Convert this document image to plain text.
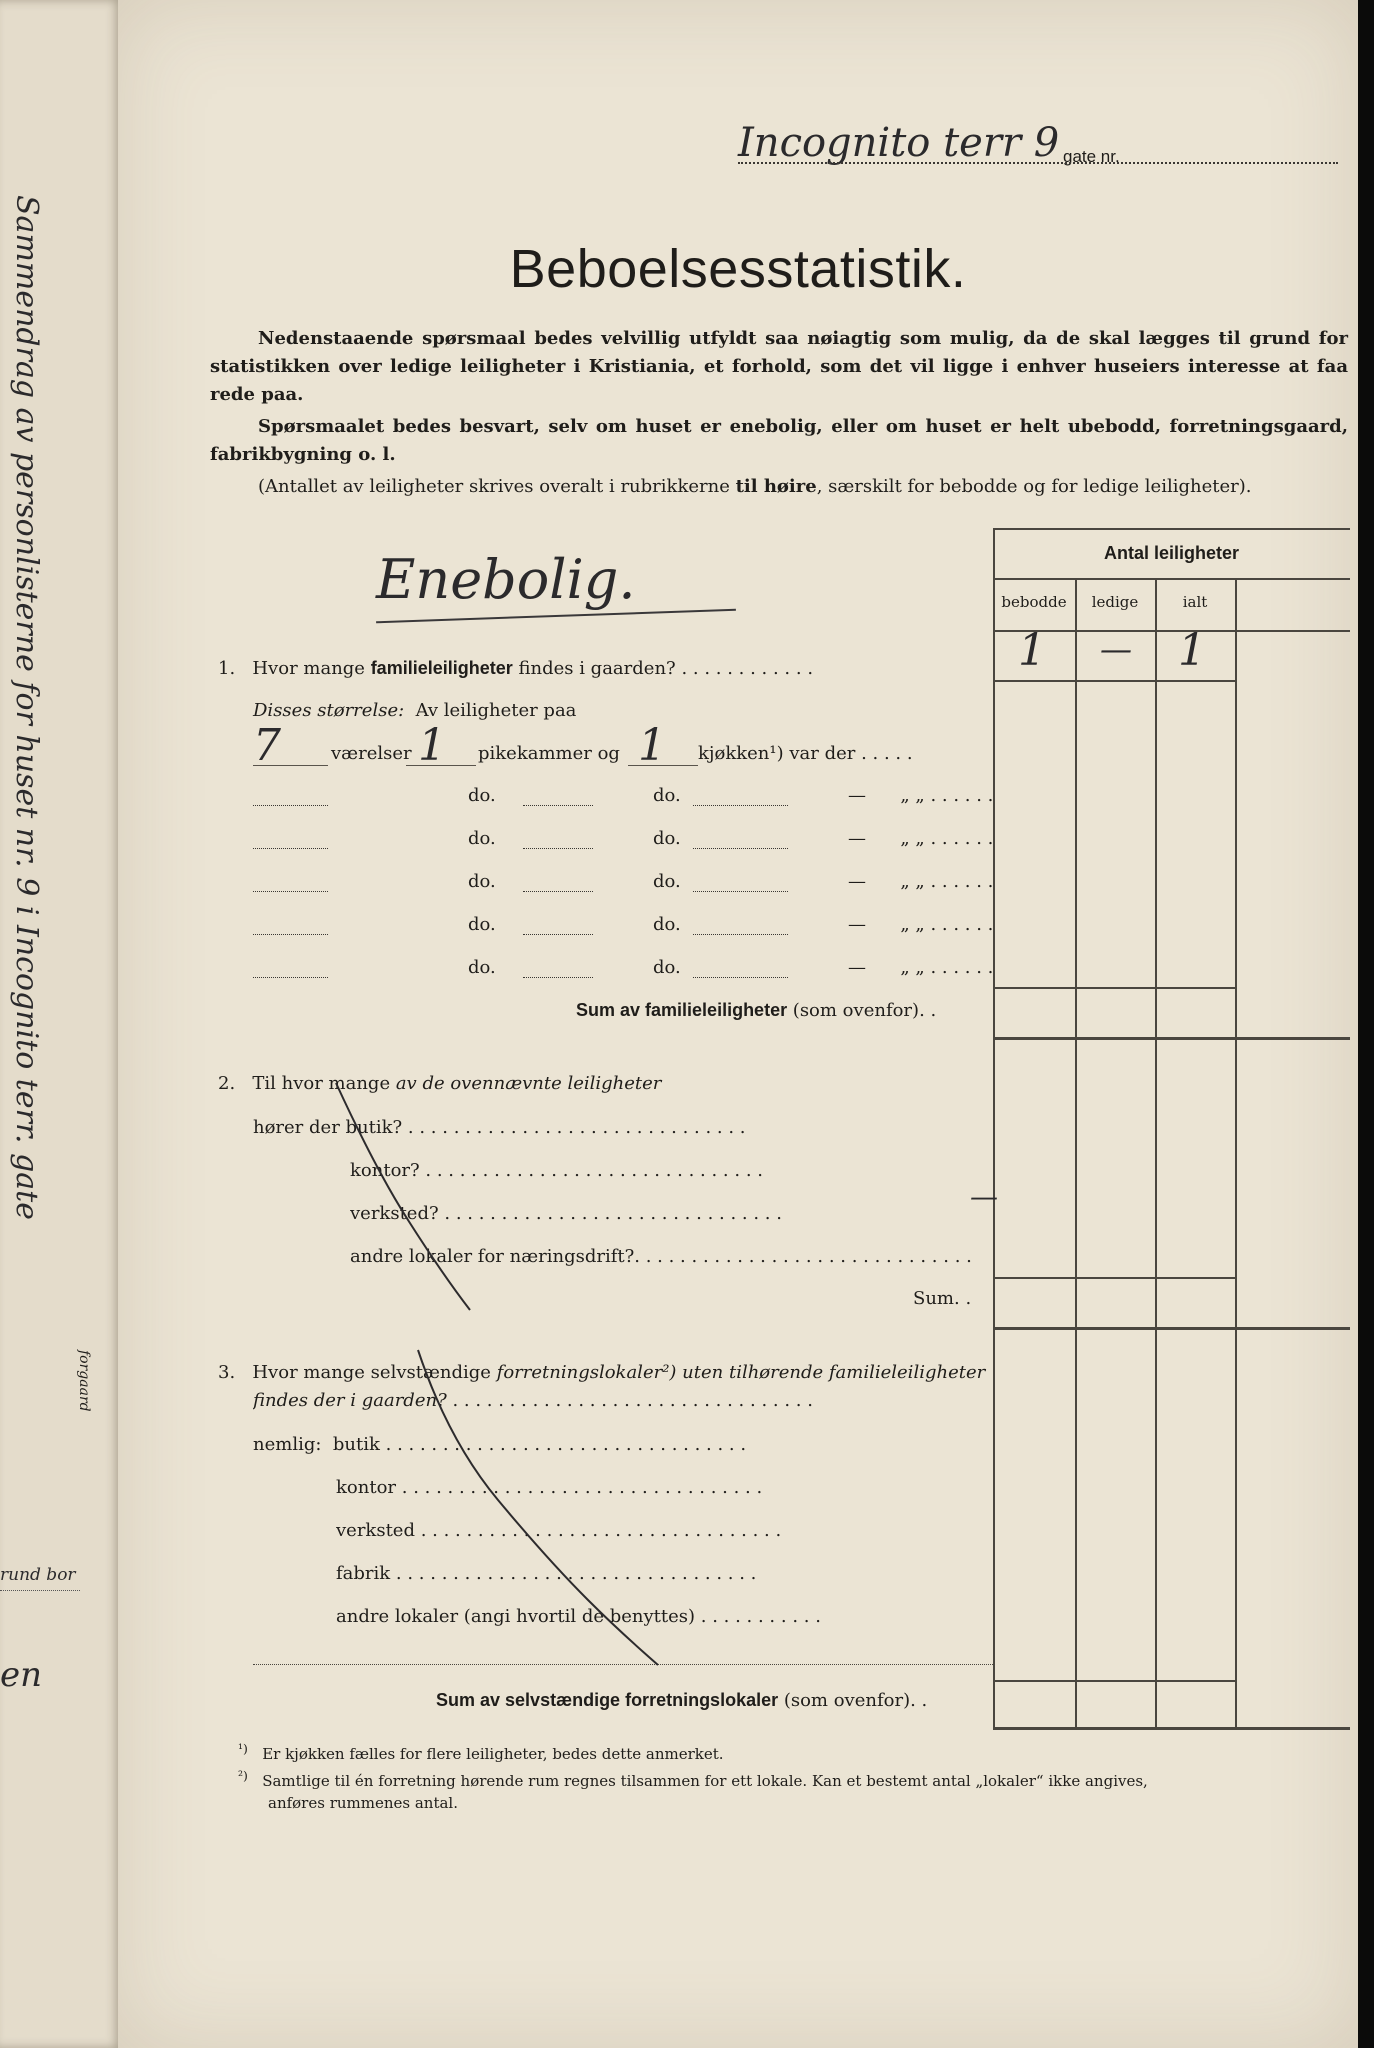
Sammendrag av personlisterne for huset nr. 9 i Incognito terr. gate
rund bor
en
forgaard
Incognito terr 9 gate nr.
Beboelsesstatistik.
Nedenstaaende spørsmaal bedes velvillig utfyldt saa nøiagtig som mulig, da de skal lægges til grund for statistikken over ledige leiligheter i Kristiania, et forhold, som det vil ligge i enhver huseiers interesse at faa rede paa.
Spørsmaalet bedes besvart, selv om huset er enebolig, eller om huset er helt ubebodd, forretningsgaard, fabrikbygning o. l.
(Antallet av leiligheter skrives overalt i rubrikkerne til høire, særskilt for bebodde og for ledige leiligheter).
Enebolig.	Antal leiligheter
bebodde	ledige	ialt
1 — 1
1. Hvor mange familieleiligheter findes i gaarden? . . . . . . . . . . . .
Disses størrelse: Av leiligheter paa
7	værelser 1 pikekammer og 1 kjøkken¹) var der . . . . .
do.	do.	— „ „ . . . . . .
do.	do.	— „ „ . . . . . .
do.	do.	— „ „ . . . . . .
do.	do.	— „ „ . . . . . .
do.	do.	— „ „ . . . . . .
Sum av familieleiligheter (som ovenfor). .
2. Til hvor mange av de ovennævnte leiligheter
hører der butik? . . . . . . . . . . . . . . . . . . . . . . . . . . . . . .
kontor? . . . . . . . . . . . . . . . . . . . . . . . . . . . . . .
verksted? . . . . . . . . . . . . . . . . . . . . . . . . . . . . . .
andre lokaler for næringsdrift?. . . . . . . . . . . . . . . . . . . . . . . . . . . . . .
Sum. .
—
3. Hvor mange selvstændige forretningslokaler²) uten tilhørende familieleiligheter
findes der i gaarden? . . . . . . . . . . . . . . . . . . . . . . . . . . . . . . . .
nemlig: butik . . . . . . . . . . . . . . . . . . . . . . . . . . . . . . . .
kontor . . . . . . . . . . . . . . . . . . . . . . . . . . . . . . . .
verksted . . . . . . . . . . . . . . . . . . . . . . . . . . . . . . . .
fabrik . . . . . . . . . . . . . . . . . . . . . . . . . . . . . . . .
andre lokaler (angi hvortil de benyttes) . . . . . . . . . . .
Sum av selvstændige forretningslokaler (som ovenfor). .
$^{^1)}$ Er kjøkken fælles for flere leiligheter, bedes dette anmerket.
$^{^2)}$ Samtlige til én forretning hørende rum regnes tilsammen for ett lokale. Kan et bestemt antal „lokaler“ ikke angives,
anføres rummenes antal.
